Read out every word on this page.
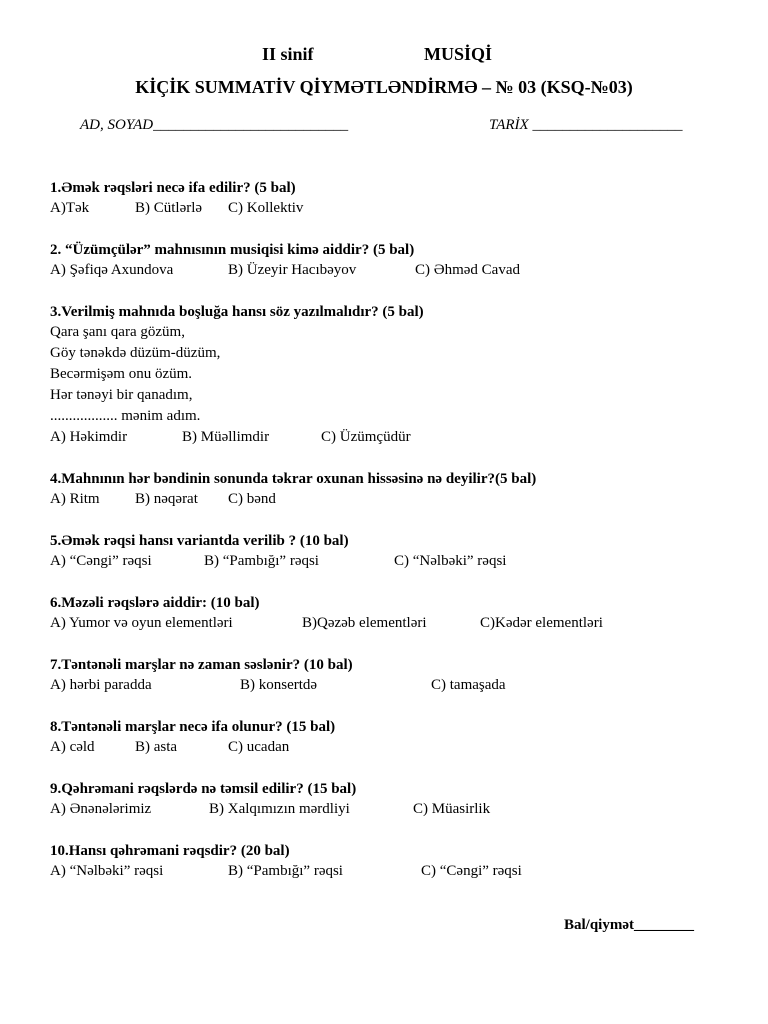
II sinif	MUSİQİ
KİÇİK SUMMATİV QİYMƏTLƏNDİRMƏ – № 03 (KSQ-№03)
AD, SOYAD__________________________	TARİX ____________________
1.Əmək rəqsləri necə ifa edilir? (5 bal)
A)Tək	B) Cütlərlə C) Kollektiv
2. “Üzümçülər” mahnısının musiqisi kimə aiddir? (5 bal)
A) Şəfiqə Axundova	B) Üzeyir Hacıbəyov	C) Əhməd Cavad
3.Verilmiş mahnıda boşluğa hansı söz yazılmalıdır? (5 bal)
Qara şanı qara gözüm,
Göy tənəkdə düzüm-düzüm,
Becərmişəm onu özüm.
Hər tənəyi bir qanadım,
.................. mənim adım.
A) Həkimdir	B) Müəllimdir	C) Üzümçüdür
4.Mahnının hər bəndinin sonunda təkrar oxunan hissəsinə nə deyilir?(5 bal)
A) Ritm B) nəqərat C) bənd
5.Əmək rəqsi hansı variantda verilib ? (10 bal)
A) “Cəngi” rəqsi	B) “Pambığı” rəqsi	C) “Nəlbəki” rəqsi
6.Məzəli rəqslərə aiddir: (10 bal)
A) Yumor və oyun elementləri	B)Qəzəb elementləri	C)Kədər elementləri
7.Təntənəli marşlar nə zaman səslənir? (10 bal)
A) hərbi paradda	B) konsertdə	C) tamaşada
8.Təntənəli marşlar necə ifa olunur? (15 bal)
A) cəld	B) asta	C) ucadan
9.Qəhrəmani rəqslərdə nə təmsil edilir? (15 bal)
A) Ənənələrimiz	B) Xalqımızın mərdliyi	C) Müasirlik
10.Hansı qəhrəmani rəqsdir? (20 bal)
A) “Nəlbəki” rəqsi	B) “Pambığı” rəqsi	C) “Cəngi” rəqsi
Bal/qiymət________
